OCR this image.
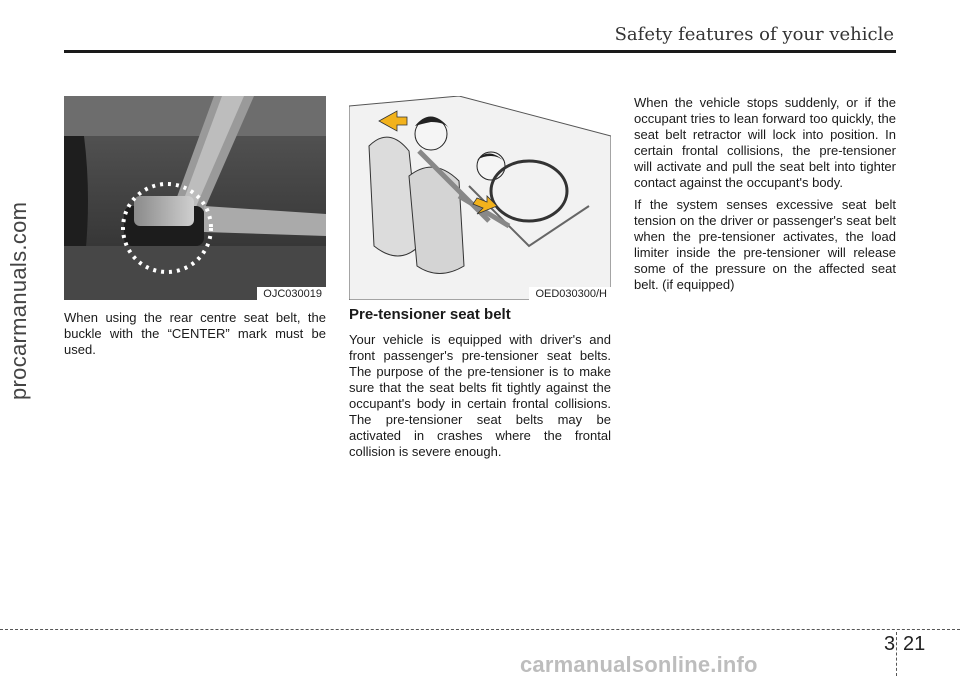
Safety features of your vehicle
procarmanuals.com	OJC030019	OED030300/H

When using the rear centre seat belt, the buckle with the “CENTER” mark must be used.

Pre-tensioner seat belt

Your vehicle is equipped with driver's and front passenger's pre-tensioner seat belts. The purpose of the pre-tensioner is to make sure that the seat belts fit tightly against the occupant's body in certain frontal collisions. The pre-tensioner seat belts may be activated in crashes where the frontal collision is severe enough.

When the vehicle stops suddenly, or if the occupant tries to lean forward too quickly, the seat belt retractor will lock into position. In certain frontal collisions, the pre-tensioner will activate and pull the seat belt into tighter contact against the occupant's body.

If the system senses excessive seat belt tension on the driver or passenger's seat belt when the pre-tensioner activates, the load limiter inside the pre-tensioner will release some of the pressure on the affected seat belt. (if equipped)

3 21
carmanualsonline.info
